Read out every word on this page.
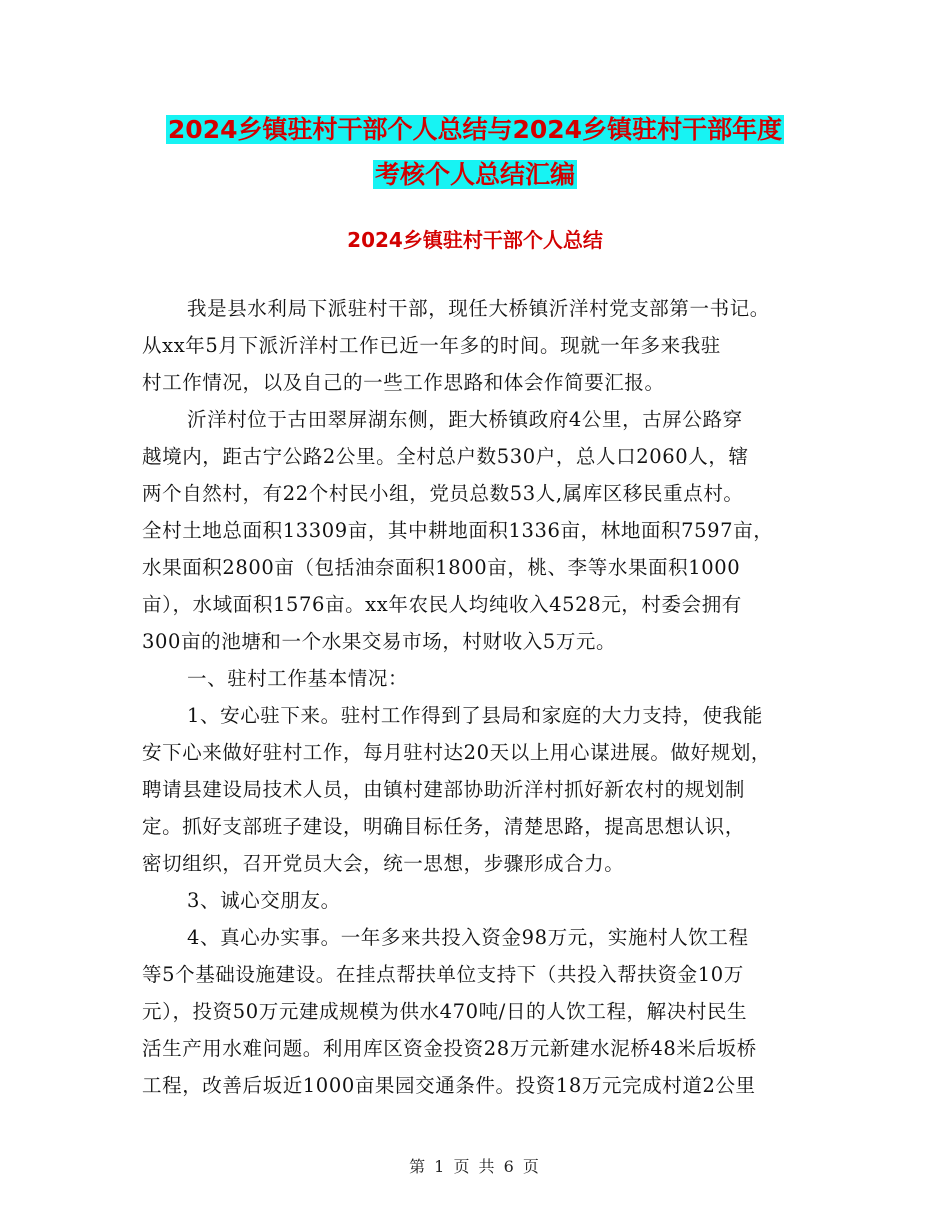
2024乡镇驻村干部个人总结与2024乡镇驻村干部年度
考核个人总结汇编
2024乡镇驻村干部个人总结
我是县水利局下派驻村干部，现任大桥镇沂洋村党支部第一书记。
从xx年5月下派沂洋村工作已近一年多的时间。现就一年多来我驻
村工作情况，以及自己的一些工作思路和体会作简要汇报。
沂洋村位于古田翠屏湖东侧，距大桥镇政府4公里，古屏公路穿
越境内，距古宁公路2公里。全村总户数530户，总人口2060人，辖
两个自然村，有22个村民小组，党员总数53人,属库区移民重点村。
全村土地总面积13309亩，其中耕地面积1336亩，林地面积7597亩，
水果面积2800亩（包括油奈面积1800亩，桃、李等水果面积1000
亩），水域面积1576亩。xx年农民人均纯收入4528元，村委会拥有
300亩的池塘和一个水果交易市场，村财收入5万元。
一、驻村工作基本情况：
1、安心驻下来。驻村工作得到了县局和家庭的大力支持，使我能
安下心来做好驻村工作，每月驻村达20天以上用心谋进展。做好规划，
聘请县建设局技术人员，由镇村建部协助沂洋村抓好新农村的规划制
定。抓好支部班子建设，明确目标任务，清楚思路，提高思想认识，
密切组织，召开党员大会，统一思想，步骤形成合力。
3、诚心交朋友。
4、真心办实事。一年多来共投入资金98万元，实施村人饮工程
等5个基础设施建设。在挂点帮扶单位支持下（共投入帮扶资金10万
元），投资50万元建成规模为供水470吨/日的人饮工程，解决村民生
活生产用水难问题。利用库区资金投资28万元新建水泥桥48米后坂桥
工程，改善后坂近1000亩果园交通条件。投资18万元完成村道2公里
第 1 页 共 6 页
